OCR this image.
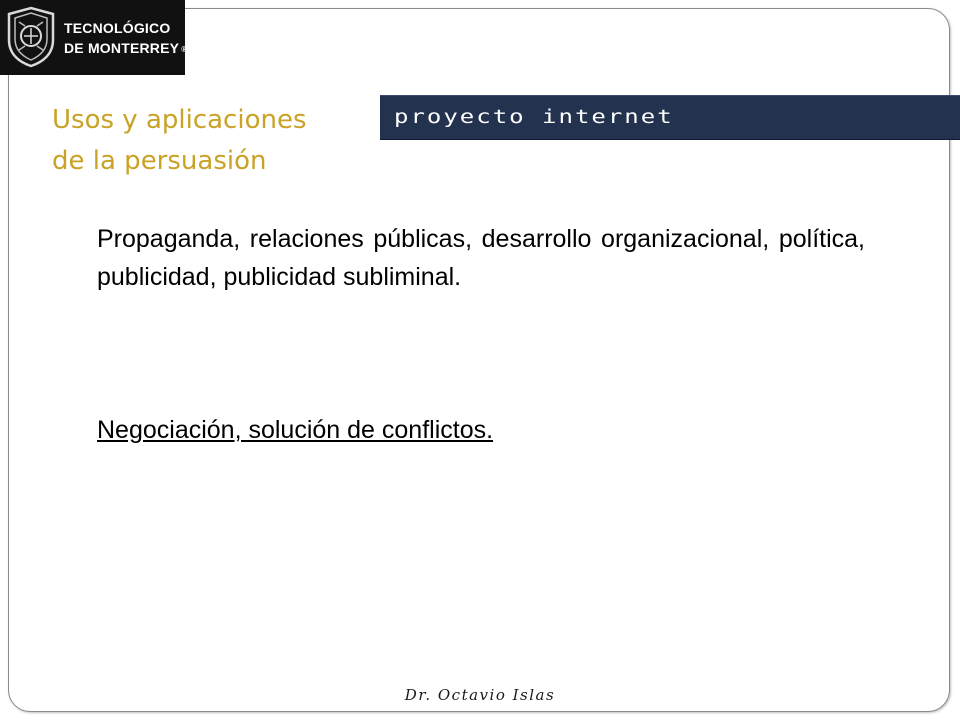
TECNOLÓGICO
DE MONTERREY ®
Usos y aplicaciones
de la persuasión
proyecto internet

Propaganda, relaciones públicas, desarrollo organizacional, política, publicidad, publicidad subliminal.

Negociación, solución de conflictos.

Dr. Octavio Islas
